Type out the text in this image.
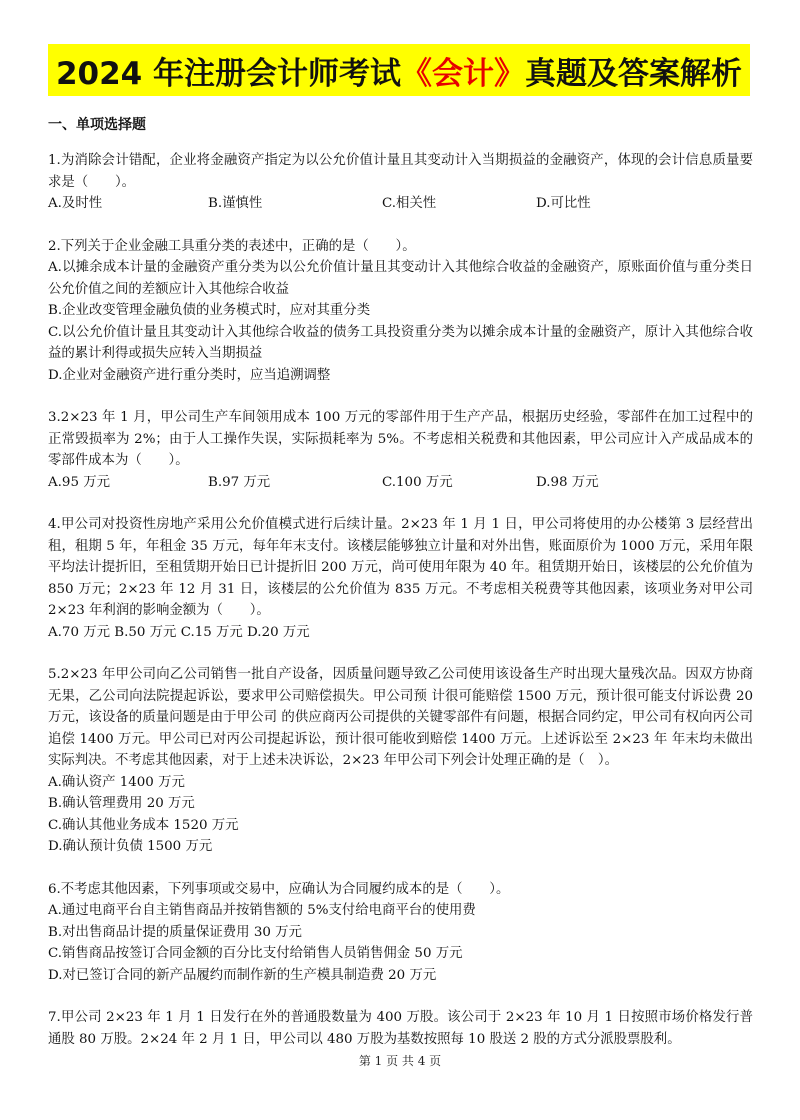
2024 年注册会计师考试 《会计》 真题及答案解析
一、单项选择题

1.为消除会计错配，企业将金融资产指定为以公允价值计量且其变动计入当期损益的金融资产，体现的会计信息质量要求是（　　）。

A.及时性	B.谨慎性	C.相关性	D.可比性

2.下列关于企业金融工具重分类的表述中，正确的是（　　）。

A.以摊余成本计量的金融资产重分类为以公允价值计量且其变动计入其他综合收益的金融资产，原账面价值与重分类日公允价值之间的差额应计入其他综合收益

B.企业改变管理金融负债的业务模式时，应对其重分类

C.以公允价值计量且其变动计入其他综合收益的债务工具投资重分类为以摊余成本计量的金融资产，原计入其他综合收益的累计利得或损失应转入当期损益

D.企业对金融资产进行重分类时，应当追溯调整

3.2×23 年 1 月，甲公司生产车间领用成本 100 万元的零部件用于生产产品，根据历史经验，零部件在加工过程中的正常毁损率为 2%；由于人工操作失误，实际损耗率为 5%。不考虑相关税费和其他因素，甲公司应计入产成品成本的零部件成本为（　　）。

A.95 万元	B.97 万元	C.100 万元	D.98 万元

4.甲公司对投资性房地产采用公允价值模式进行后续计量。2×23 年 1 月 1 日，甲公司将使用的办公楼第 3 层经营出租，租期 5 年，年租金 35 万元，每年年末支付。该楼层能够独立计量和对外出售，账面原价为 1000 万元，采用年限平均法计提折旧，至租赁期开始日已计提折旧 200 万元，尚可使用年限为 40 年。租赁期开始日，该楼层的公允价值为 850 万元；2×23 年 12 月 31 日，该楼层的公允价值为 835 万元。不考虑相关税费等其他因素，该项业务对甲公司 2×23 年利润的影响金额为（　　）。

A.70 万元 B.50 万元 C.15 万元 D.20 万元

5.2×23 年甲公司向乙公司销售一批自产设备，因质量问题导致乙公司使用该设备生产时出现大量残次品。因双方协商无果，乙公司向法院提起诉讼，要求甲公司赔偿损失。甲公司预 计很可能赔偿 1500 万元，预计很可能支付诉讼费 20 万元，该设备的质量问题是由于甲公司 的供应商丙公司提供的关键零部件有问题，根据合同约定，甲公司有权向丙公司追偿 1400 万元。甲公司已对丙公司提起诉讼，预计很可能收到赔偿 1400 万元。上述诉讼至 2×23 年 年末均未做出实际判决。不考虑其他因素，对于上述未决诉讼，2×23 年甲公司下列会计处理正确的是（　）。

A.确认资产 1400 万元

B.确认管理费用 20 万元

C.确认其他业务成本 1520 万元

D.确认预计负债 1500 万元

6.不考虑其他因素，下列事项或交易中，应确认为合同履约成本的是（　　）。

A.通过电商平台自主销售商品并按销售额的 5%支付给电商平台的使用费

B.对出售商品计提的质量保证费用 30 万元

C.销售商品按签订合同金额的百分比支付给销售人员销售佣金 50 万元

D.对已签订合同的新产品履约而制作新的生产模具制造费 20 万元

7.甲公司 2×23 年 1 月 1 日发行在外的普通股数量为 400 万股。该公司于 2×23 年 10 月 1 日按照市场价格发行普通股 80 万股。2×24 年 2 月 1 日，甲公司以 480 万股为基数按照每 10 股送 2 股的方式分派股票股利。

第 1 页 共 4 页
